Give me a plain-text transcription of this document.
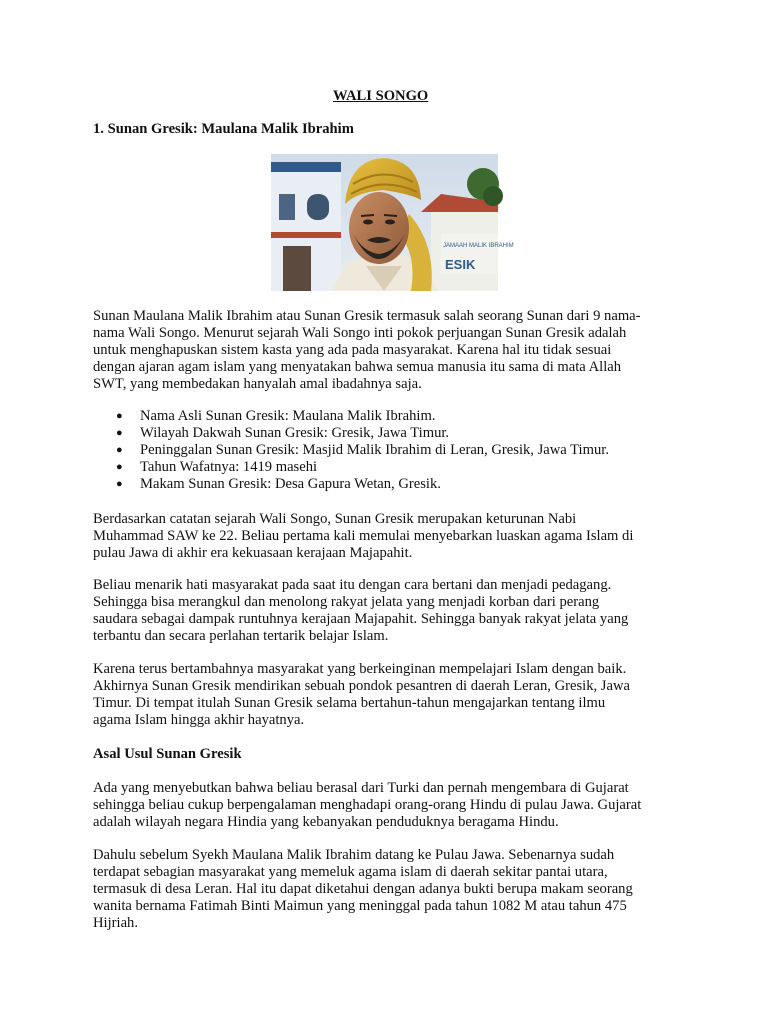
WALI SONGO
1. Sunan Gresik: Maulana Malik Ibrahim
JAMAAH MALIK IBRAHIM
ESIK

Sunan Maulana Malik Ibrahim atau Sunan Gresik termasuk salah seorang Sunan dari 9 nama-

nama Wali Songo. Menurut sejarah Wali Songo inti pokok perjuangan Sunan Gresik adalah

untuk menghapuskan sistem kasta yang ada pada masyarakat. Karena hal itu tidak sesuai

dengan ajaran agam islam yang menyatakan bahwa semua manusia itu sama di mata Allah

SWT, yang membedakan hanyalah amal ibadahnya saja.

● Nama Asli Sunan Gresik: Maulana Malik Ibrahim.
● Wilayah Dakwah Sunan Gresik: Gresik, Jawa Timur.
● Peninggalan Sunan Gresik: Masjid Malik Ibrahim di Leran, Gresik, Jawa Timur.
● Tahun Wafatnya: 1419 masehi
● Makam Sunan Gresik: Desa Gapura Wetan, Gresik.

Berdasarkan catatan sejarah Wali Songo, Sunan Gresik merupakan keturunan Nabi

Muhammad SAW ke 22. Beliau pertama kali memulai menyebarkan luaskan agama Islam di

pulau Jawa di akhir era kekuasaan kerajaan Majapahit.

Beliau menarik hati masyarakat pada saat itu dengan cara bertani dan menjadi pedagang.

Sehingga bisa merangkul dan menolong rakyat jelata yang menjadi korban dari perang

saudara sebagai dampak runtuhnya kerajaan Majapahit. Sehingga banyak rakyat jelata yang

terbantu dan secara perlahan tertarik belajar Islam.

Karena terus bertambahnya masyarakat yang berkeinginan mempelajari Islam dengan baik.

Akhirnya Sunan Gresik mendirikan sebuah pondok pesantren di daerah Leran, Gresik, Jawa

Timur. Di tempat itulah Sunan Gresik selama bertahun-tahun mengajarkan tentang ilmu

agama Islam hingga akhir hayatnya.

Asal Usul Sunan Gresik

Ada yang menyebutkan bahwa beliau berasal dari Turki dan pernah mengembara di Gujarat

sehingga beliau cukup berpengalaman menghadapi orang-orang Hindu di pulau Jawa. Gujarat

adalah wilayah negara Hindia yang kebanyakan penduduknya beragama Hindu.

Dahulu sebelum Syekh Maulana Malik Ibrahim datang ke Pulau Jawa. Sebenarnya sudah

terdapat sebagian masyarakat yang memeluk agama islam di daerah sekitar pantai utara,

termasuk di desa Leran. Hal itu dapat diketahui dengan adanya bukti berupa makam seorang

wanita bernama Fatimah Binti Maimun yang meninggal pada tahun 1082 M atau tahun 475

Hijriah.
